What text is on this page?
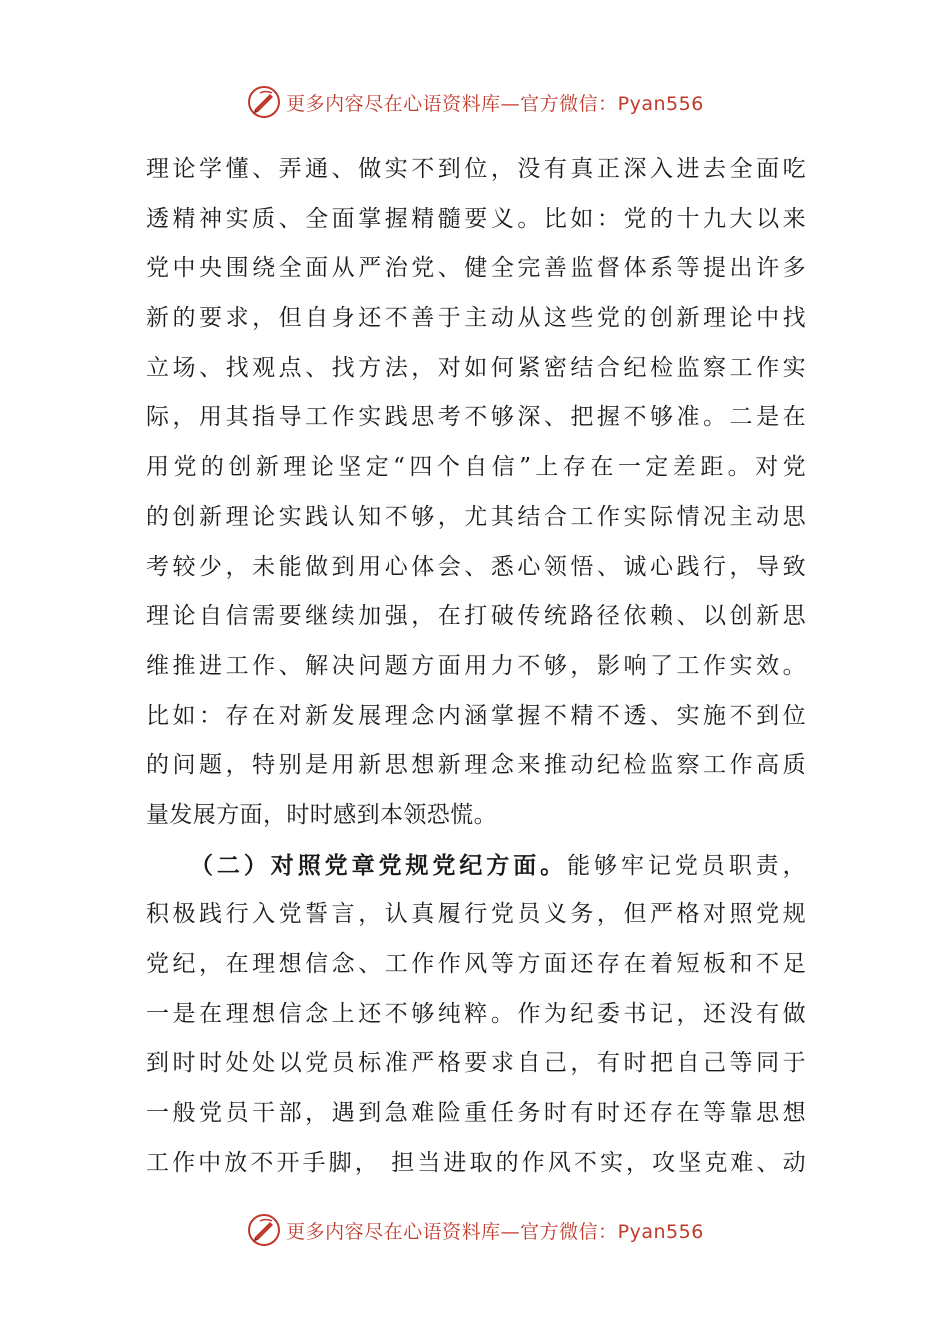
更多内容尽在心语资料库—官方微信：Pyan556
理论学懂、弄通、做实不到位，没有真正深入进去全面吃
透精神实质、全面掌握精髓要义。比如：党的十九大以来
党中央围绕全面从严治党、健全完善监督体系等提出许多
新的要求，但自身还不善于主动从这些党的创新理论中找
立场、找观点、找方法，对如何紧密结合纪检监察工作实
际，用其指导工作实践思考不够深、把握不够准。二是在
用党的创新理论坚定“四个自信”上存在一定差距。对党
的创新理论实践认知不够，尤其结合工作实际情况主动思
考较少，未能做到用心体会、悉心领悟、诚心践行，导致
理论自信需要继续加强，在打破传统路径依赖、以创新思
维推进工作、解决问题方面用力不够，影响了工作实效。
比如：存在对新发展理念内涵掌握不精不透、实施不到位
的问题，特别是用新思想新理念来推动纪检监察工作高质
量发展方面，时时感到本领恐慌。
（二）对照党章党规党纪方面。能够牢记党员职责，
积极践行入党誓言，认真履行党员义务，但严格对照党规
党纪，在理想信念、工作作风等方面还存在着短板和不足
一是在理想信念上还不够纯粹。作为纪委书记，还没有做
到时时处处以党员标准严格要求自己，有时把自己等同于
一般党员干部，遇到急难险重任务时有时还存在等靠思想
工作中放不开手脚， 担当进取的作风不实，攻坚克难、动
更多内容尽在心语资料库—官方微信：Pyan556
